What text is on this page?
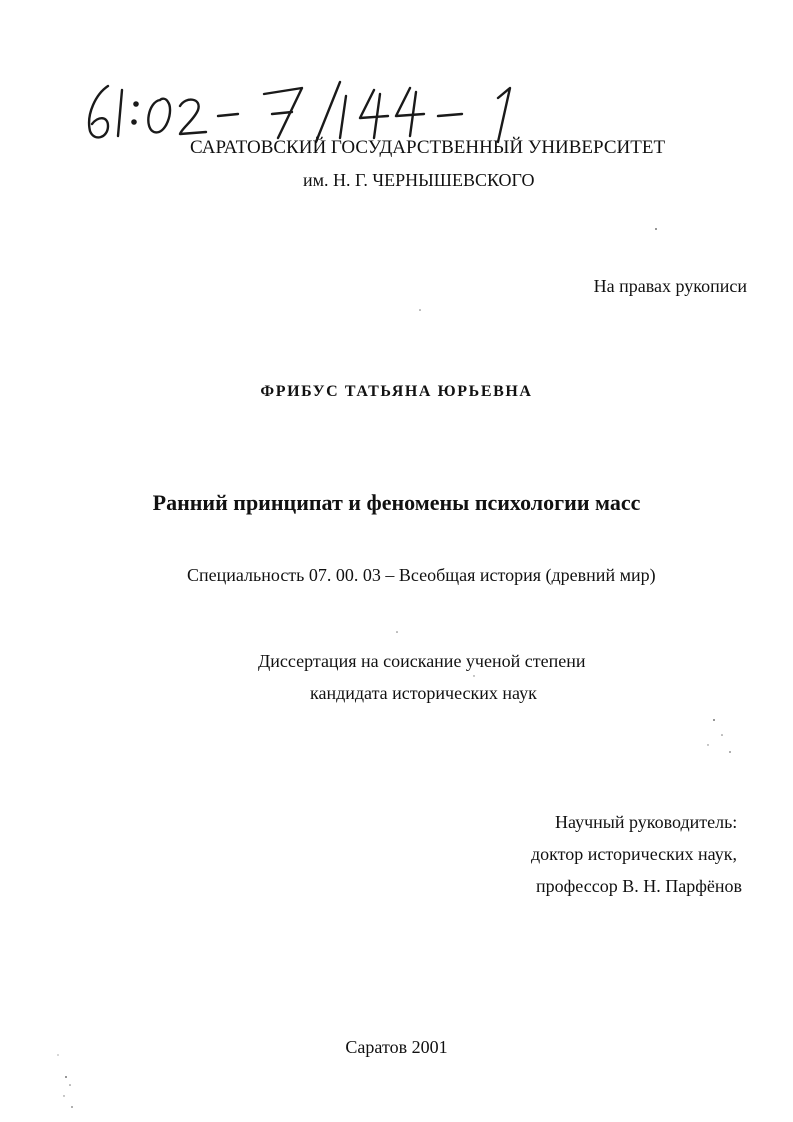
САРАТОВСКИЙ ГОСУДАРСТВЕННЫЙ УНИВЕРСИТЕТ
им. Н. Г. ЧЕРНЫШЕВСКОГО
На правах рукописи
ФРИБУС ТАТЬЯНА ЮРЬЕВНА
Ранний принципат и феномены психологии масс
Специальность 07. 00. 03 – Всеобщая история (древний мир)
Диссертация на соискание ученой степени
кандидата исторических наук
Научный руководитель:
доктор исторических наук,
профессор В. Н. Парфёнов
Саратов 2001
